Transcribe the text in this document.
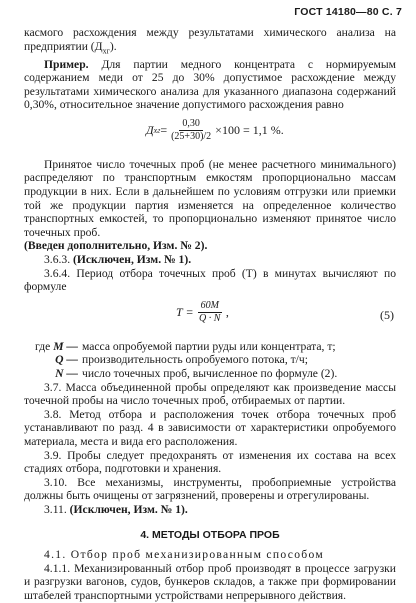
ГОСТ 14180—80 С. 7

касмого расхождения между результатами химического анализа на предприятии $(Д_{хг})$.

Пример. Для партии медного концентрата с нормируемым содержанием меди от 25 до 30% допустимое расхождение между результатами химического анализа для указанного диапазона содержаний 0,30%, относительное значение допустимого расхождения равно

Д хг = $\frac{0,30}{(25+30)/2} \times 100 = 1,1$ %.

Принятое число точечных проб (не менее расчетного минимального) распределяют по транспортным емкостям пропорционально массам продукции в них. Если в дальнейшем по условиям отгрузки или приемки той же продукции партия изменяется на определенное количество транспортных емкостей, то пропорционально изменяют принятое число точечных проб.

(Введен дополнительно, Изм. № 2).

3.6.3. (Исключен, Изм. № 1).

3.6.4. Период отбора точечных проб (T) в минутах вычисляют по формуле

$T = \frac{60M}{Q \cdot N}$ ,	(5)
где M — масса опробуемой партии руды или концентрата, т;
Q — производительность опробуемого потока, т/ч;
N — число точечных проб, вычисленное по формуле (2).

3.7. Масса объединенной пробы определяют как произведение массы точечной пробы на число точечных проб, отбираемых от партии.

3.8. Метод отбора и расположения точек отбора точечных проб устанавливают по разд. 4 в зависимости от характеристики опробуемого материала, места и вида его расположения.

3.9. Пробы следует предохранять от изменения их состава на всех стадиях отбора, подготовки и хранения.

3.10. Все механизмы, инструменты, пробоприемные устройства должны быть очищены от загрязнений, проверены и отрегулированы.

3.11. (Исключен, Изм. № 1).

4. МЕТОДЫ ОТБОРА ПРОБ

4.1. Отбор проб механизированным способом

4.1.1. Механизированный отбор проб производят в процессе загрузки и разгрузки вагонов, судов, бункеров складов, а также при формировании штабелей транспортными устройствами непрерывного действия.
